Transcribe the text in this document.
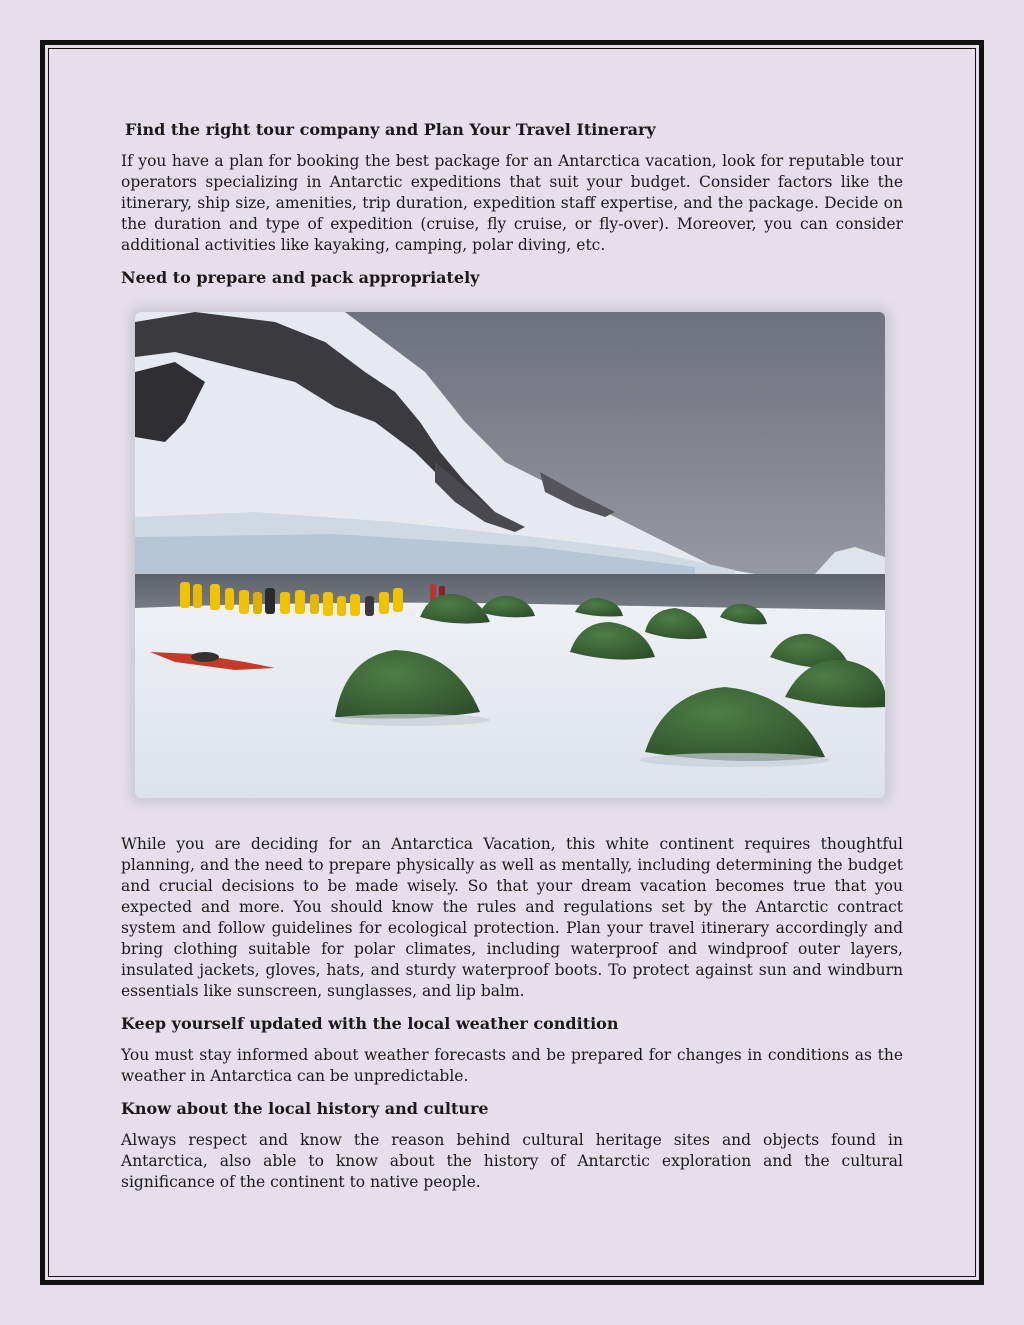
Find the right tour company and Plan Your Travel Itinerary

If you have a plan for booking the best package for an Antarctica vacation, look for reputable tour operators specializing in Antarctic expeditions that suit your budget. Consider factors like the itinerary, ship size, amenities, trip duration, expedition staff expertise, and the package. Decide on the duration and type of expedition (cruise, fly cruise, or fly-over). Moreover, you can consider additional activities like kayaking, camping, polar diving, etc.

Need to prepare and pack appropriately

While you are deciding for an Antarctica Vacation, this white continent requires thoughtful planning, and the need to prepare physically as well as mentally, including determining the budget and crucial decisions to be made wisely. So that your dream vacation becomes true that you expected and more. You should know the rules and regulations set by the Antarctic contract system and follow guidelines for ecological protection. Plan your travel itinerary accordingly and bring clothing suitable for polar climates, including waterproof and windproof outer layers, insulated jackets, gloves, hats, and sturdy waterproof boots. To protect against sun and windburn essentials like sunscreen, sunglasses, and lip balm.

Keep yourself updated with the local weather condition

You must stay informed about weather forecasts and be prepared for changes in conditions as the weather in Antarctica can be unpredictable.

Know about the local history and culture

Always respect and know the reason behind cultural heritage sites and objects found in Antarctica, also able to know about the history of Antarctic exploration and the cultural significance of the continent to native people.
